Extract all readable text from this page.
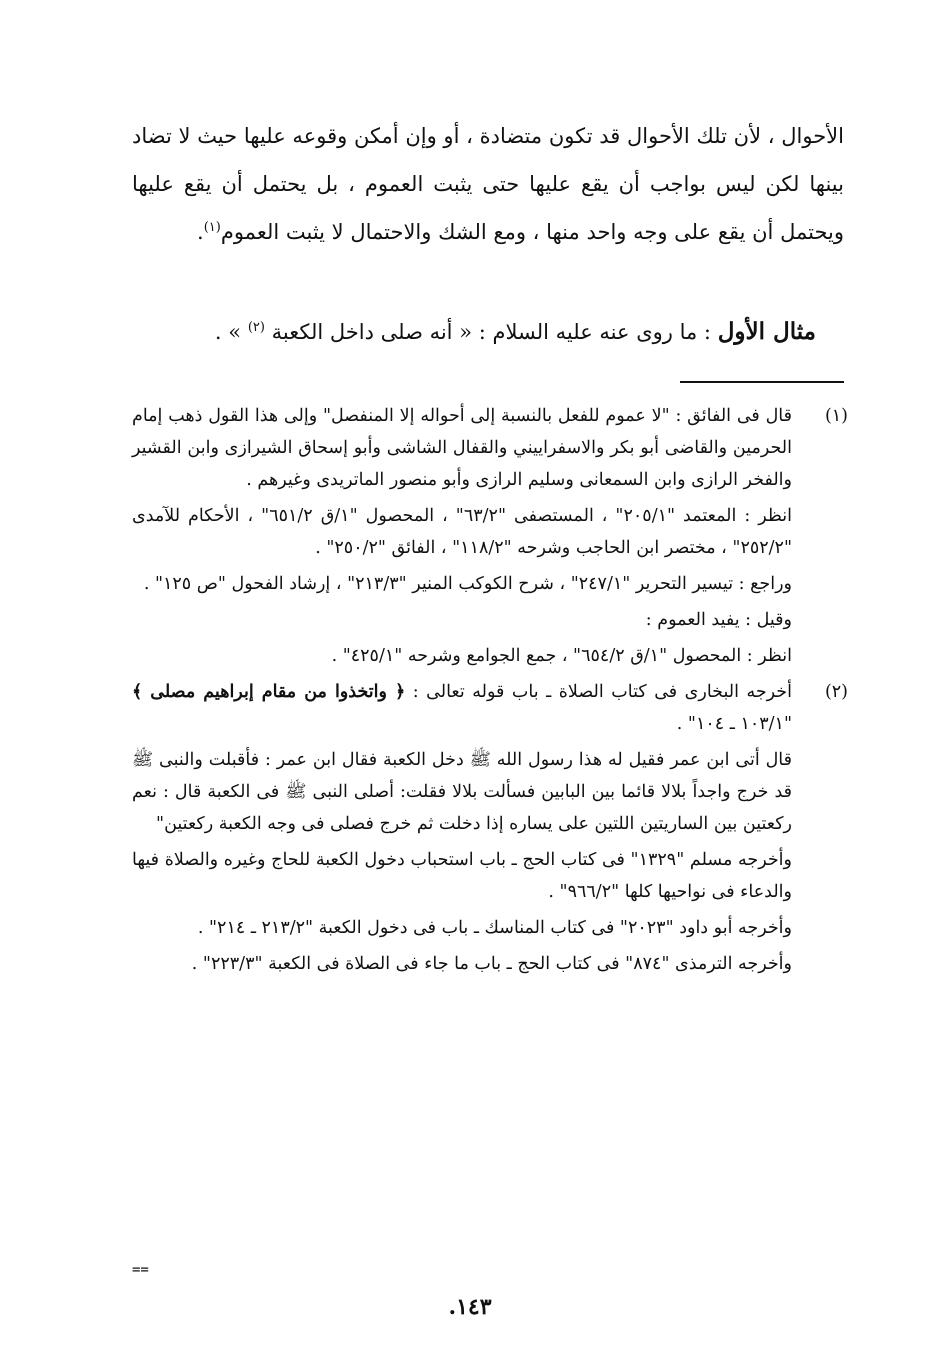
الأحوال ، لأن تلك الأحوال قد تكون متضادة ، أو وإن أمكن وقوعه عليها حيث لا تضاد بينها لكن ليس بواجب أن يقع عليها حتى يثبت العموم ، بل يحتمل أن يقع عليها ويحتمل أن يقع على وجه واحد منها ، ومع الشك والاحتمال لا يثبت العموم$^{(١)}$.

مثال الأول : ما روى عنه عليه السلام : « أنه صلى داخل الكعبة $^{(٢)}$ » .
(١)

قال فى الفائق : "لا عموم للفعل بالنسبة إلى أحواله إلا المنفصل" وإلى هذا القول ذهب إمام الحرمين والقاضى أبو بكر والاسفراييني والقفال الشاشى وأبو إسحاق الشيرازى وابن القشير والفخر الرازى وابن السمعانى وسليم الرازى وأبو منصور الماتريدى وغيرهم .

انظر : المعتمد "٢٠٥/١" ، المستصفى "٦٣/٢" ، المحصول "١/ق ٦٥١/٢" ، الأحكام للآمدى "٢٥٢/٢" ، مختصر ابن الحاجب وشرحه "١١٨/٢" ، الفائق "٢٥٠/٢" .

وراجع : تيسير التحرير "٢٤٧/١" ، شرح الكوكب المنير "٢١٣/٣" ، إرشاد الفحول "ص ١٢٥" .

وقيل : يفيد العموم :

انظر : المحصول "١/ق ٦٥٤/٢" ، جمع الجوامع وشرحه "٤٢٥/١" .

(٢)

أخرجه البخارى فى كتاب الصلاة ـ باب قوله تعالى : ﴿ واتخذوا من مقام إبراهيم مصلى ﴾ "١٠٣/١ ـ ١٠٤" .

قال أتى ابن عمر فقيل له هذا رسول الله ﷺ دخل الكعبة فقال ابن عمر : فأقبلت والنبى ﷺ قد خرج واجداً بلالا قائما بين البابين فسألت بلالا فقلت: أصلى النبى ﷺ فى الكعبة قال : نعم ركعتين بين الساريتين اللتين على يساره إذا دخلت ثم خرج فصلى فى وجه الكعبة ركعتين"

وأخرجه مسلم "١٣٢٩" فى كتاب الحج ـ باب استحباب دخول الكعبة للحاج وغيره والصلاة فيها والدعاء فى نواحيها كلها "٩٦٦/٢" .

وأخرجه أبو داود "٢٠٢٣" فى كتاب المناسك ـ باب فى دخول الكعبة "٢١٣/٢ ـ ٢١٤" .

وأخرجه الترمذى "٨٧٤" فى كتاب الحج ـ باب ما جاء فى الصلاة فى الكعبة "٢٢٣/٣" .

==
١٤٣.
